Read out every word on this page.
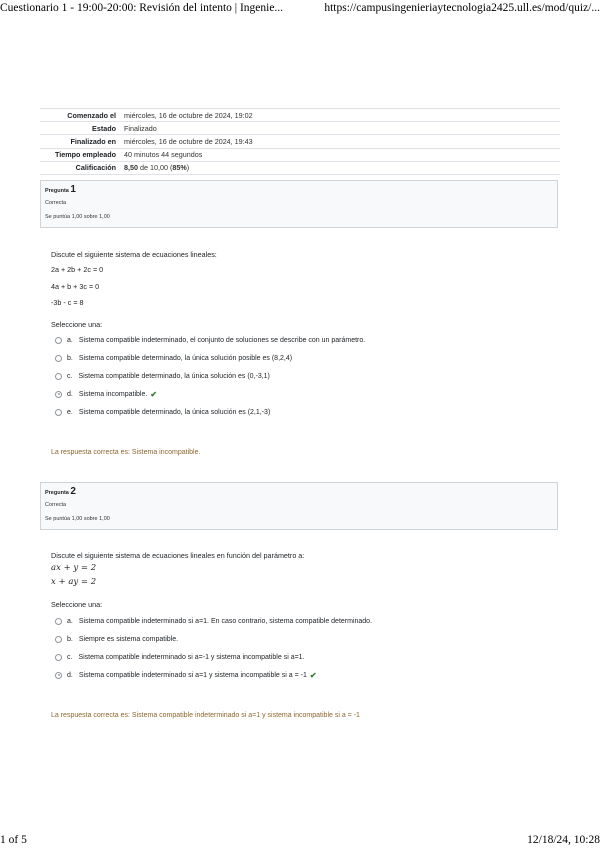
Cuestionario 1 - 19:00-20:00: Revisión del intento | Ingenie...	https://campusingenieriaytecnologia2425.ull.es/mod/quiz/...
Comenzado el	miércoles, 16 de octubre de 2024, 19:02
Estado	Finalizado
Finalizado en	miércoles, 16 de octubre de 2024, 19:43
Tiempo empleado	40 minutos 44 segundos
Calificación	8,50 de 10,00 (85%)
Pregunta 1
Correcta
Se puntúa 1,00 sobre 1,00

Discute el siguiente sistema de ecuaciones lineales:

2a + 2b + 2c = 0
4a + b + 3c = 0
-3b - c = 8
Seleccione una:
a. Sistema compatible indeterminado, el conjunto de soluciones se describe con un parámetro.
b. Sistema compatible determinado, la única solución posible es (8,2,4)
c. Sistema compatible determinado, la única solución es (0,-3,1)
d. Sistema incompatible. ✔
e. Sistema compatible determinado, la única solución es (2,1,-3)
La respuesta correcta es: Sistema incompatible.
Pregunta 2
Correcta
Se puntúa 1,00 sobre 1,00

Discute el siguiente sistema de ecuaciones lineales en función del parámetro a:

ax + y = 2
x + ay = 2
Seleccione una:
a. Sistema compatible indeterminado si a=1. En caso contrario, sistema compatible determinado.
b. Siempre es sistema compatible.
c. Sistema compatible indeterminado si a=-1 y sistema incompatible si a=1.
d. Sistema compatible indeterminado si a=1 y sistema incompatible si a = -1 ✔
La respuesta correcta es: Sistema compatible indeterminado si a=1 y sistema incompatible si a = -1
1 of 5	12/18/24, 10:28
